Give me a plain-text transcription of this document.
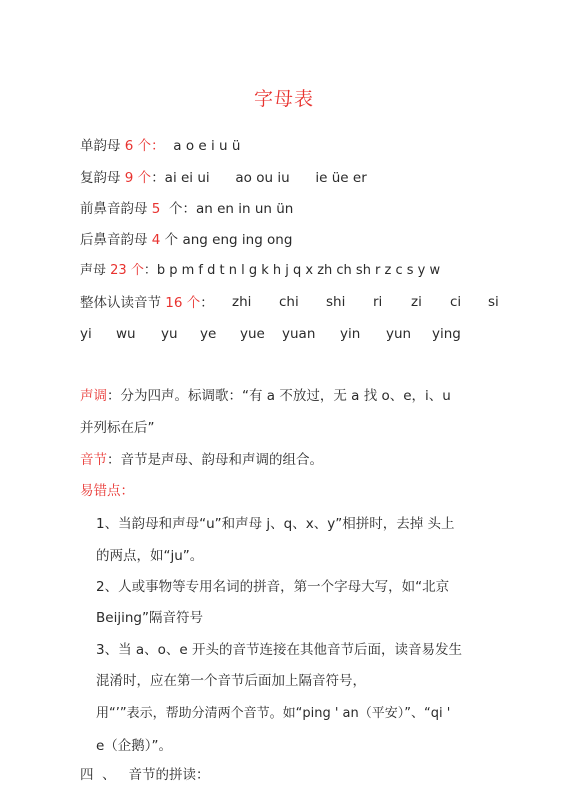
字母表
单韵母 6 个：  a o e i u ü
复韵母 9 个：ai ei ui      ao ou iu      ie üe er
前鼻音韵母 5  个：an en in un ün
后鼻音韵母 4 个 ang eng ing ong
声母 23 个：b p m f d t n l g k h j q x zh ch sh r z c s y w
整体认读音节 16 个： zhi chi shi ri zi ci si
yi wu yu ye yue yuan yin yun ying
声调：分为四声。标调歌：“有 a 不放过，无 a 找 o、e，i、u
并列标在后”
音节：音节是声母、韵母和声调的组合。
易错点：
1、当韵母和声母“u”和声母 j、q、x、y”相拼时，去掉 头上
的两点，如“ju”。
2、人或事物等专用名词的拼音，第一个字母大写，如“北京
Beijing”隔音符号
3、当 a、o、e 开头的音节连接在其他音节后面，读音易发生
混淆时，应在第一个音节后面加上隔音符号，
用“’”表示，帮助分清两个音节。如“ping ' an（平安）”、“qi '
e（企鹅）”。
四  、   音节的拼读：
